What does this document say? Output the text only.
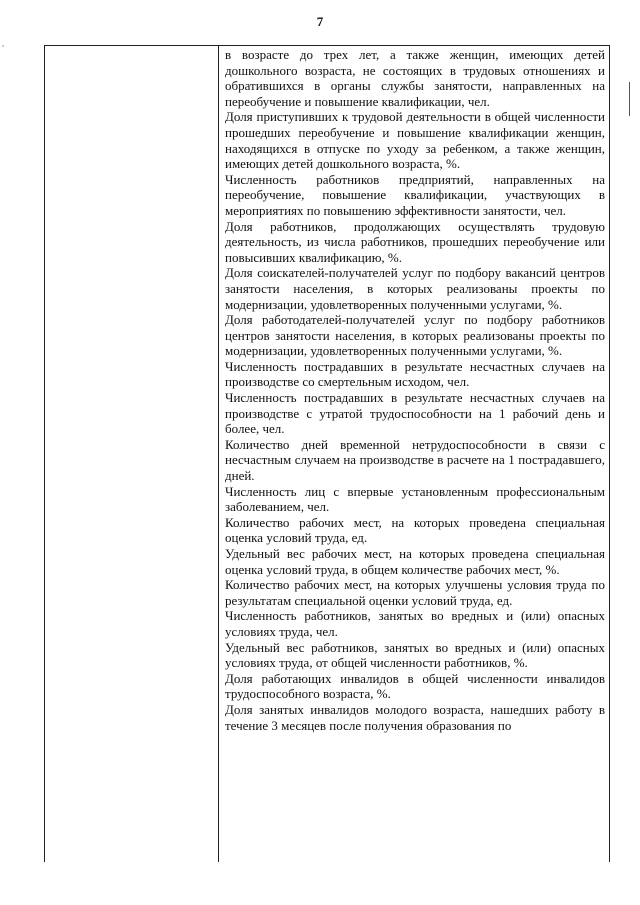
7

в возрасте до трех лет, а также женщин, имеющих детей дошкольного возраста, не состоящих в трудовых отношениях и обратившихся в органы службы занятости, направленных на переобучение и повышение квалификации, чел.

Доля приступивших к трудовой деятельности в общей численности прошедших переобучение и повышение квалификации женщин, находящихся в отпуске по уходу за ребенком, а также женщин, имеющих детей дошкольного возраста, %.

Численность работников предприятий, направленных на переобучение, повышение квалификации, участвующих в мероприятиях по повышению эффективности занятости, чел.

Доля работников, продолжающих осуществлять трудовую деятельность, из числа работников, прошедших переобучение или повысивших квалификацию, %.

Доля соискателей-получателей услуг по подбору вакансий центров занятости населения, в которых реализованы проекты по модернизации, удовлетворенных полученными услугами, %.

Доля работодателей-получателей услуг по подбору работников центров занятости населения, в которых реализованы проекты по модернизации, удовлетворенных полученными услугами, %.

Численность пострадавших в результате несчастных случаев на производстве со смертельным исходом, чел.

Численность пострадавших в результате несчастных случаев на производстве с утратой трудоспособности на 1 рабочий день и более, чел.

Количество дней временной нетрудоспособности в связи с несчастным случаем на производстве в расчете на 1 пострадавшего, дней.

Численность лиц с впервые установленным профессиональным заболеванием, чел.

Количество рабочих мест, на которых проведена специальная оценка условий труда, ед.

Удельный вес рабочих мест, на которых проведена специальная оценка условий труда, в общем количестве рабочих мест, %.

Количество рабочих мест, на которых улучшены условия труда по результатам специальной оценки условий труда, ед.

Численность работников, занятых во вредных и (или) опасных условиях труда, чел.

Удельный вес работников, занятых во вредных и (или) опасных условиях труда, от общей численности работников, %.

Доля работающих инвалидов в общей численности инвалидов трудоспособного возраста, %.

Доля занятых инвалидов молодого возраста, нашедших работу в течение 3 месяцев после получения образования по
